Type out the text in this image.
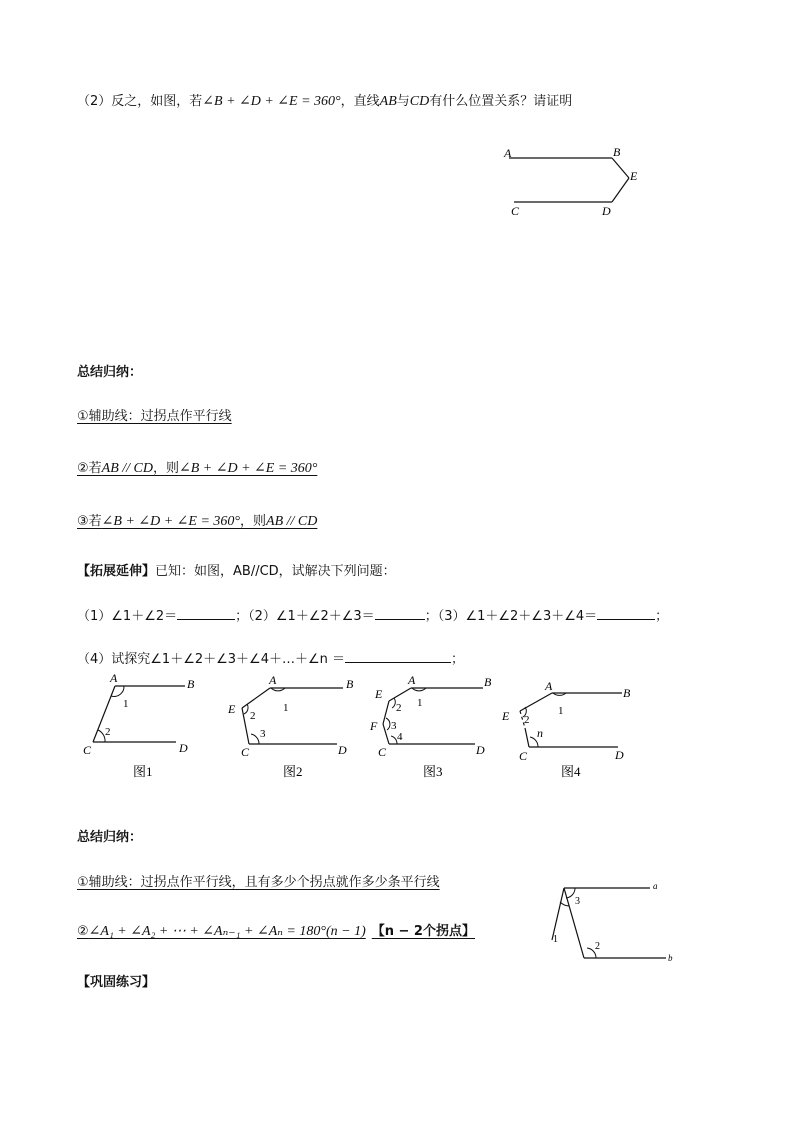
（2）反之，如图，若∠B + ∠D + ∠E = 360°，直线AB与CD有什么位置关系？请证明
A	B
E
C	D
总结归纳：
①辅助线：过拐点作平行线
②若AB // CD，则∠B + ∠D + ∠E = 360°
③若∠B + ∠D + ∠E = 360°，则AB // CD
【拓展延伸】已知：如图，AB//CD，试解决下列问题：
（1）∠1＋∠2＝	；（2）∠1＋∠2＋∠3＝	；（3）∠1＋∠2＋∠3＋∠4＝	；
（4）试探究∠1＋∠2＋∠3＋∠4＋…＋∠n ＝	；
A	B
C	D
1
2
图1
A	B
E
C	D
1
2
3
图2
A	B
E
F
C	D
1
2
3
4
图3
A	B
E
C	D
1
2
n
图4
总结归纳：
①辅助线：过拐点作平行线，且有多少个拐点就作多少条平行线
②∠A₁ + ∠A₂ + ⋯ + ∠Aₙ₋₁ + ∠Aₙ = 180°(n − 1) 【n − 2个拐点】
a
b
3
1
2
【巩固练习】
